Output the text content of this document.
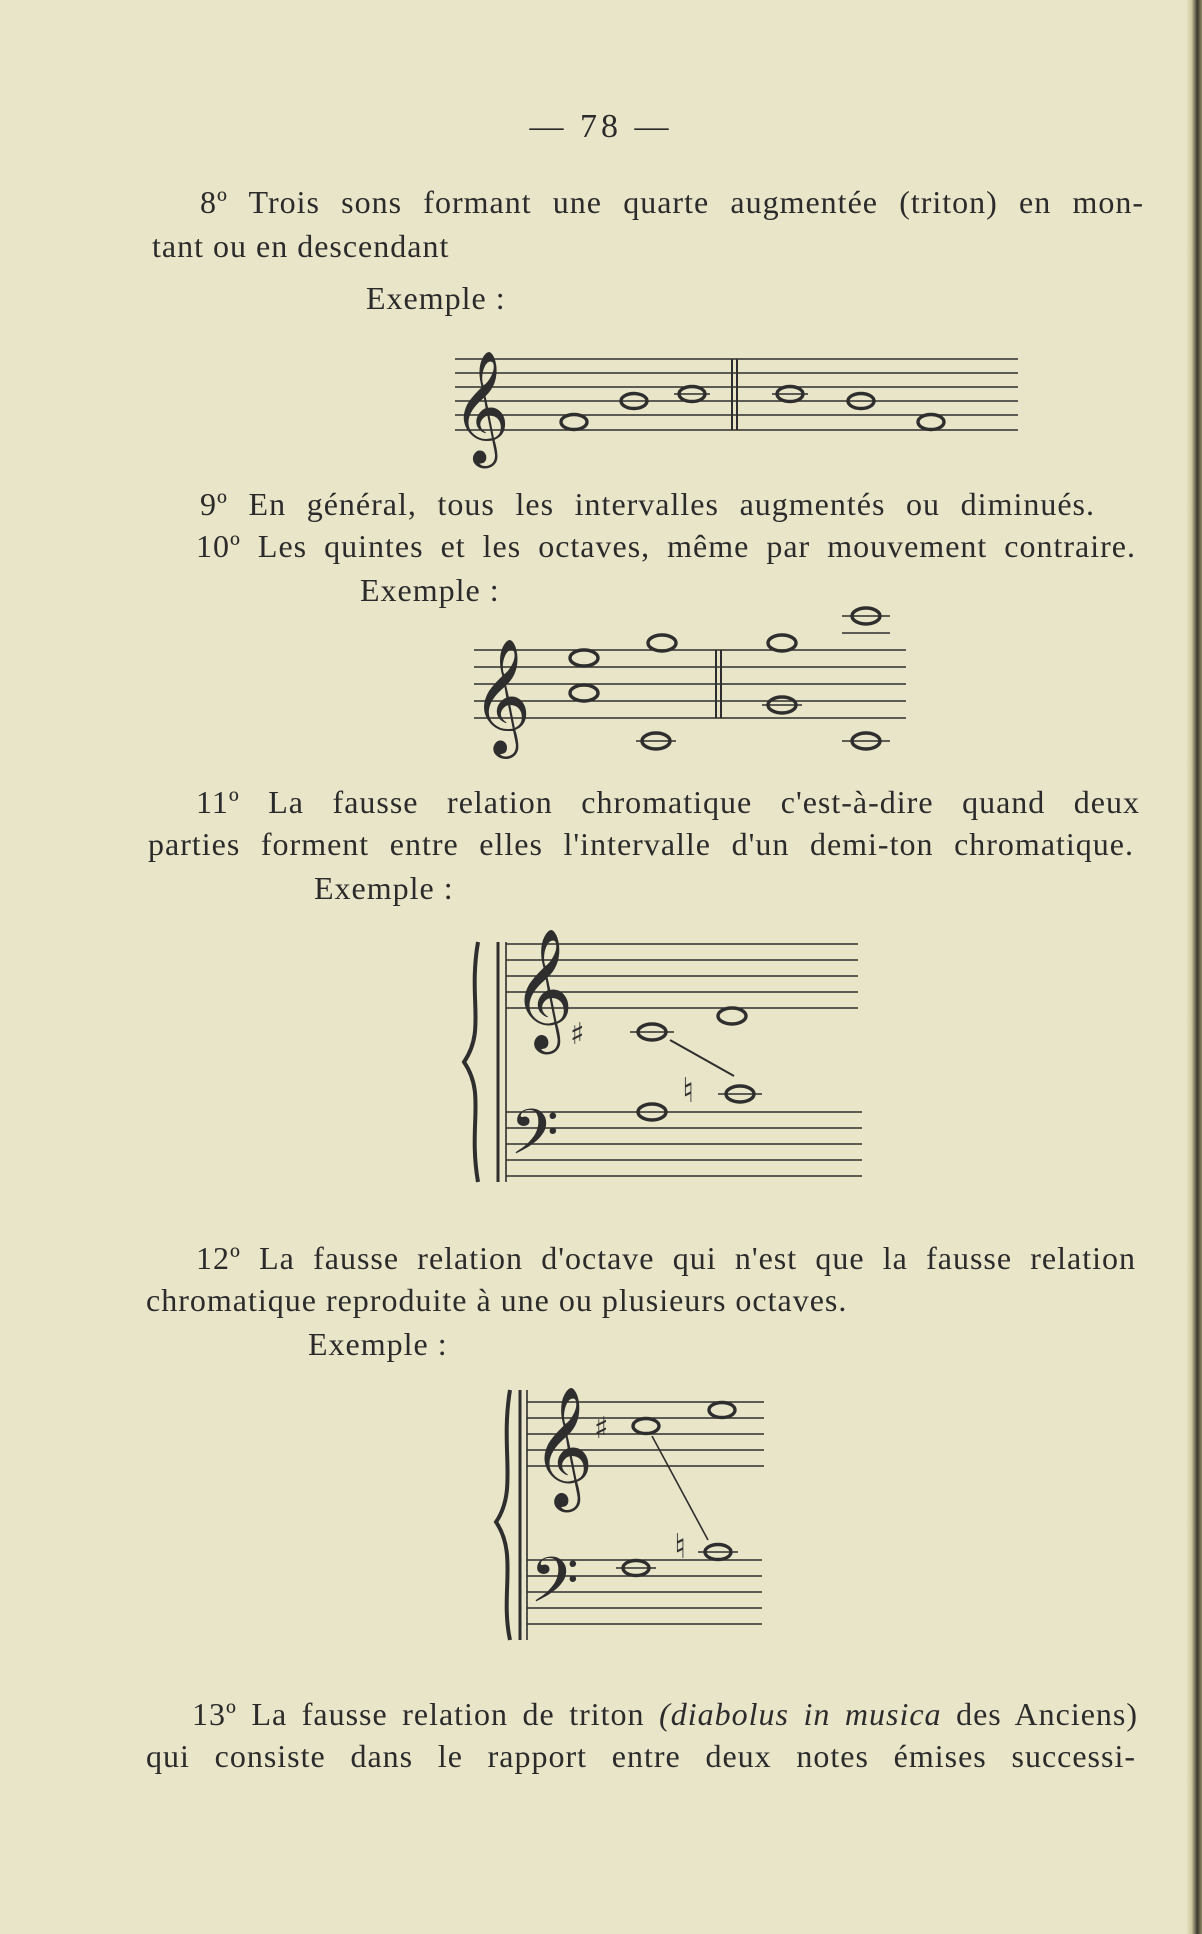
— 78 —
8º Trois sons formant une quarte augmentée (triton) en mon-
tant ou en descendant
Exemple :
𝄞
9º En général, tous les intervalles augmentés ou diminués.
10º Les quintes et les octaves, même par mouvement contraire.
Exemple :
𝄞
11º La fausse relation chromatique c'est-à-dire quand deux
parties forment entre elles l'intervalle d'un demi-ton chromatique.
Exemple :
𝄞
𝄢
♯
♮
12º La fausse relation d'octave qui n'est que la fausse relation
chromatique reproduite à une ou plusieurs octaves.
Exemple :
𝄞
𝄢
♯
♮
13º La fausse relation de triton (diabolus in musica des Anciens)
qui consiste dans le rapport entre deux notes émises successi-
